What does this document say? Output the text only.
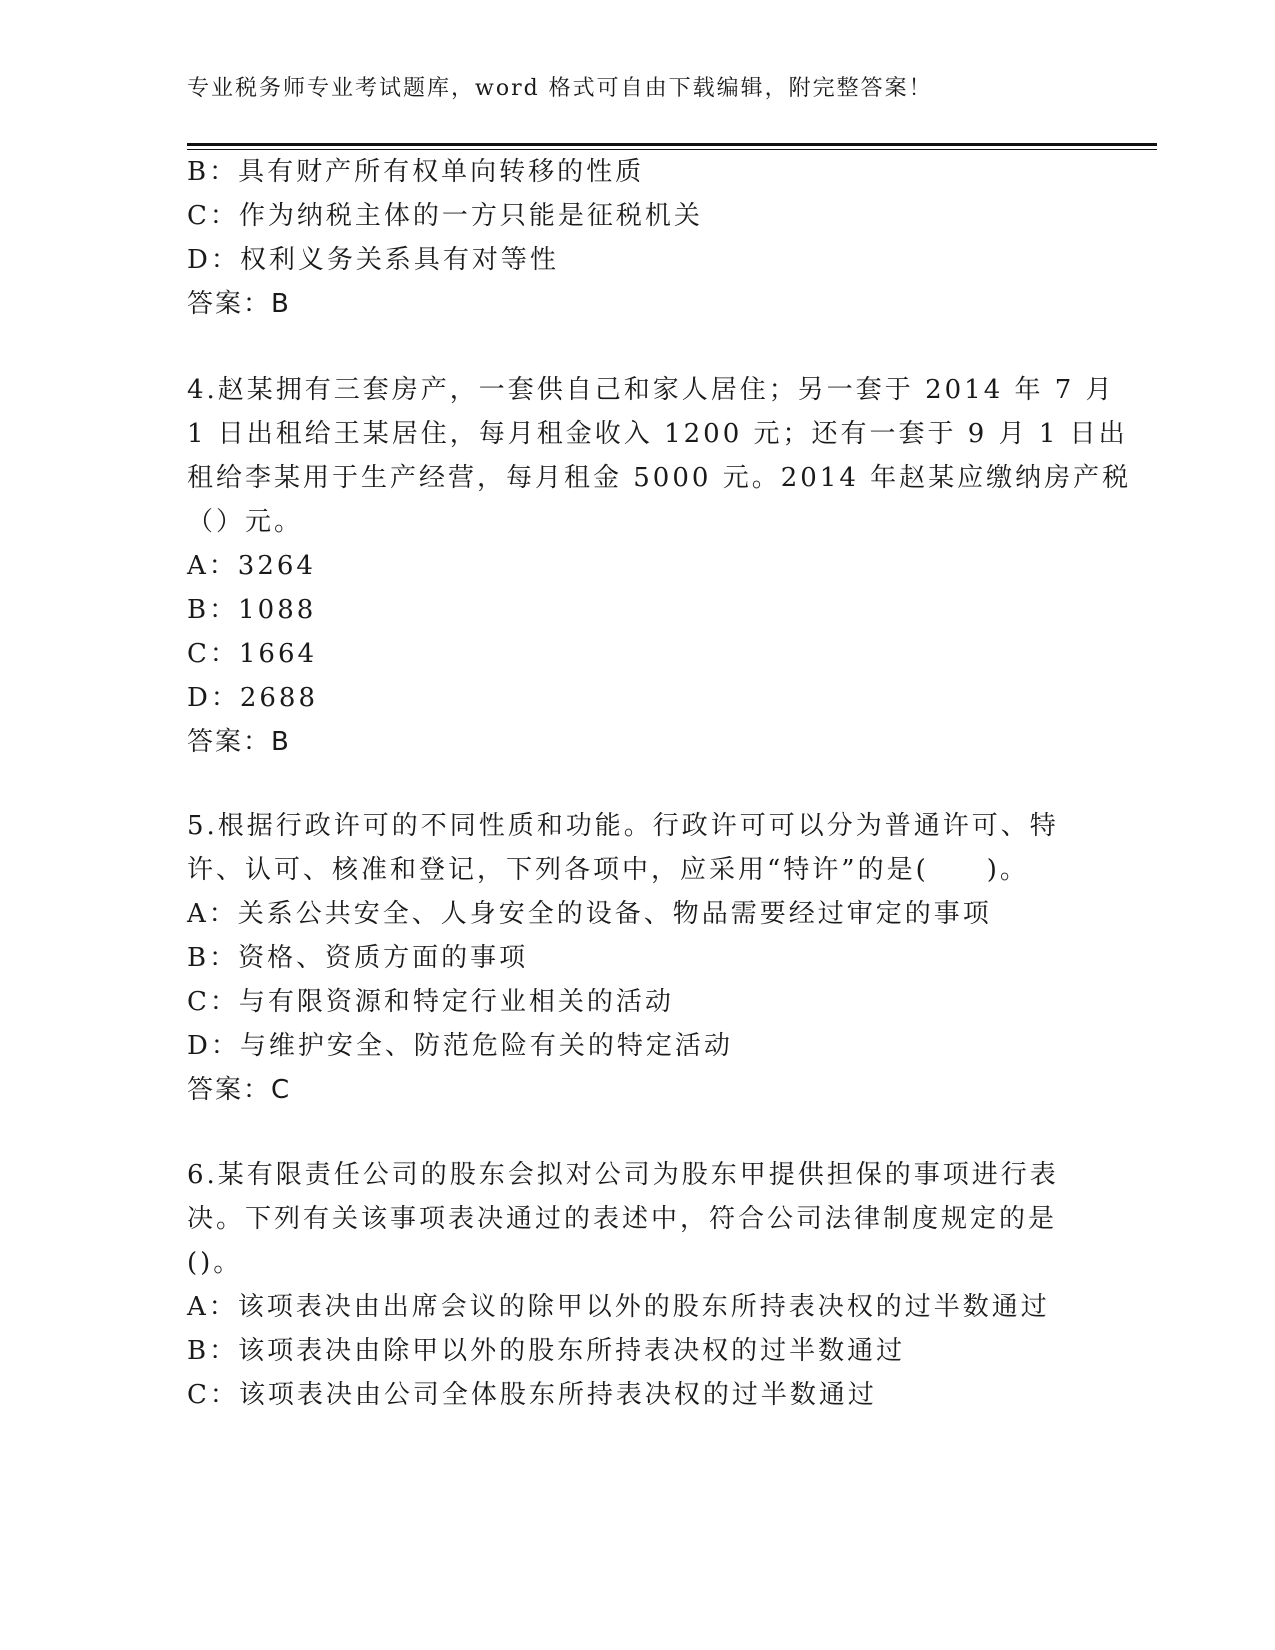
专业税务师专业考试题库，word 格式可自由下载编辑，附完整答案！
B：具有财产所有权单向转移的性质
C：作为纳税主体的一方只能是征税机关
D：权利义务关系具有对等性
答案：B
4.赵某拥有三套房产，一套供自己和家人居住；另一套于 2014 年 7 月
1 日出租给王某居住，每月租金收入 1200 元；还有一套于 9 月 1 日出
租给李某用于生产经营，每月租金 5000 元。2014 年赵某应缴纳房产税
（）元。
A：3264
B：1088
C：1664
D：2688
答案：B
5.根据行政许可的不同性质和功能。行政许可可以分为普通许可、特
许、认可、核准和登记，下列各项中，应采用“特许”的是(　　)。
A：关系公共安全、人身安全的设备、物品需要经过审定的事项
B：资格、资质方面的事项
C：与有限资源和特定行业相关的活动
D：与维护安全、防范危险有关的特定活动
答案：C
6.某有限责任公司的股东会拟对公司为股东甲提供担保的事项进行表
决。下列有关该事项表决通过的表述中，符合公司法律制度规定的是
()。
A：该项表决由出席会议的除甲以外的股东所持表决权的过半数通过
B：该项表决由除甲以外的股东所持表决权的过半数通过
C：该项表决由公司全体股东所持表决权的过半数通过
